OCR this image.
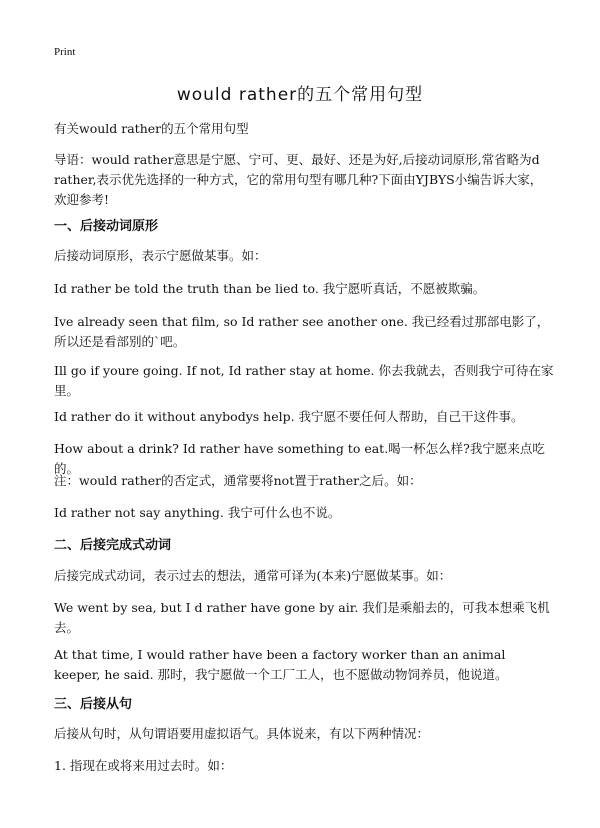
Print
would rather的五个常用句型
有关would rather的五个常用句型
导语：would rather意思是宁愿、宁可、更、最好、还是为好,后接动词原形,常省略为d rather,表示优先选择的一种方式，它的常用句型有哪几种?下面由YJBYS小编告诉大家，欢迎参考!
一、后接动词原形
后接动词原形，表示宁愿做某事。如：
Id rather be told the truth than be lied to. 我宁愿听真话，不愿被欺骗。
Ive already seen that film, so Id rather see another one. 我已经看过那部电影了，所以还是看部别的`吧。
Ill go if youre going. If not, Id rather stay at home. 你去我就去，否则我宁可待在家里。
Id rather do it without anybodys help. 我宁愿不要任何人帮助，自己干这件事。
How about a drink? Id rather have something to eat.喝一杯怎么样?我宁愿来点吃的。
注：would rather的否定式，通常要将not置于rather之后。如：
Id rather not say anything. 我宁可什么也不说。
二、后接完成式动词
后接完成式动词，表示过去的想法，通常可译为(本来)宁愿做某事。如：
We went by sea, but I d rather have gone by air. 我们是乘船去的，可我本想乘飞机去。
At that time, I would rather have been a factory worker than an animal keeper, he said. 那时，我宁愿做一个工厂工人，也不愿做动物饲养员，他说道。
三、后接从句
后接从句时，从句谓语要用虚拟语气。具体说来，有以下两种情况：
1. 指现在或将来用过去时。如：
